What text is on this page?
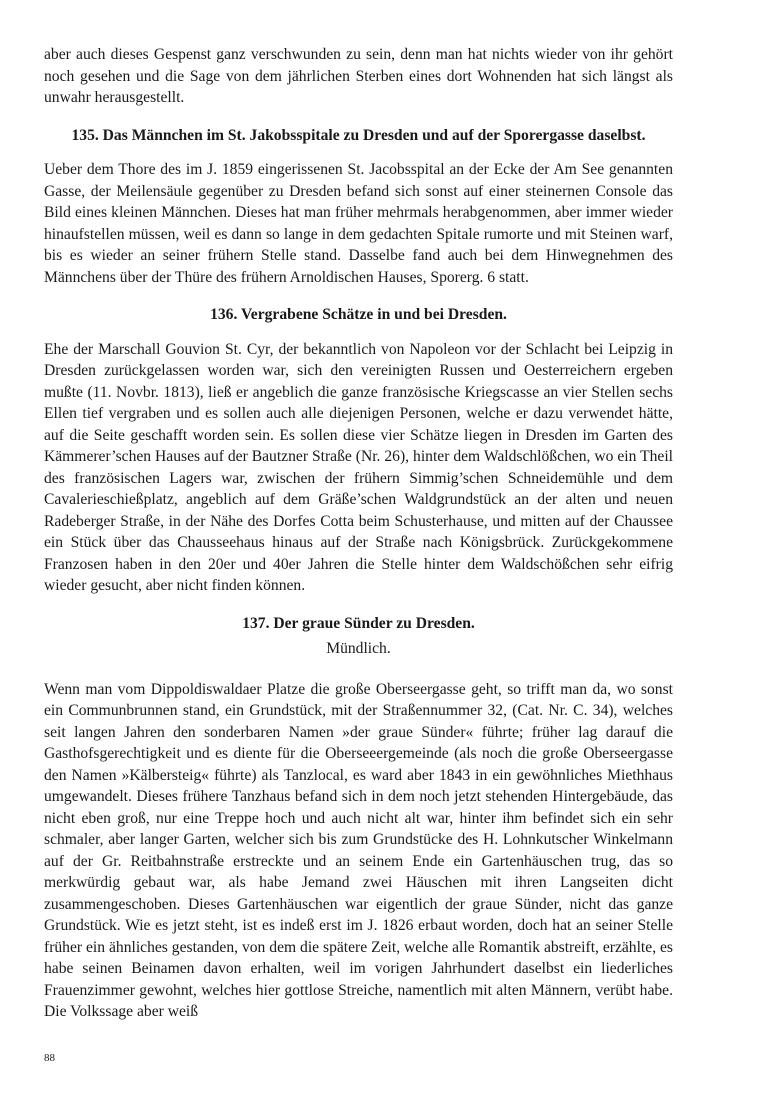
aber auch dieses Gespenst ganz verschwunden zu sein, denn man hat nichts wieder von ihr gehört noch gesehen und die Sage von dem jährlichen Sterben eines dort Wohnenden hat sich längst als unwahr herausgestellt.

135. Das Männchen im St. Jakobsspitale zu Dresden und auf der Sporergasse daselbst.

Ueber dem Thore des im J. 1859 eingerissenen St. Jacobsspital an der Ecke der Am See genannten Gasse, der Meilensäule gegenüber zu Dresden befand sich sonst auf einer steinernen Console das Bild eines kleinen Männchen. Dieses hat man früher mehrmals herabgenommen, aber immer wieder hinaufstellen müssen, weil es dann so lange in dem gedachten Spitale rumorte und mit Steinen warf, bis es wieder an seiner frühern Stelle stand. Dasselbe fand auch bei dem Hinwegnehmen des Männchens über der Thüre des frühern Arnoldischen Hauses, Sporerg. 6 statt.

136. Vergrabene Schätze in und bei Dresden.

Ehe der Marschall Gouvion St. Cyr, der bekanntlich von Napoleon vor der Schlacht bei Leipzig in Dresden zurückgelassen worden war, sich den vereinigten Russen und Oesterreichern ergeben mußte (11. Novbr. 1813), ließ er angeblich die ganze französische Kriegscasse an vier Stellen sechs Ellen tief vergraben und es sollen auch alle diejenigen Personen, welche er dazu verwendet hätte, auf die Seite geschafft worden sein. Es sollen diese vier Schätze liegen in Dresden im Garten des Kämmerer’schen Hauses auf der Bautzner Straße (Nr. 26), hinter dem Waldschlößchen, wo ein Theil des französischen Lagers war, zwischen der frühern Simmig’schen Schneidemühle und dem Cavalerieschießplatz, angeblich auf dem Gräße’schen Waldgrundstück an der alten und neuen Radeberger Straße, in der Nähe des Dorfes Cotta beim Schusterhause, und mitten auf der Chaussee ein Stück über das Chausseehaus hinaus auf der Straße nach Königsbrück. Zurückgekommene Franzosen haben in den 20er und 40er Jahren die Stelle hinter dem Waldschößchen sehr eifrig wieder gesucht, aber nicht finden können.

137. Der graue Sünder zu Dresden.

Mündlich.

Wenn man vom Dippoldiswaldaer Platze die große Oberseergasse geht, so trifft man da, wo sonst ein Communbrunnen stand, ein Grundstück, mit der Straßennummer 32, (Cat. Nr. C. 34), welches seit langen Jahren den sonderbaren Namen »der graue Sünder« führte; früher lag darauf die Gasthofsgerechtigkeit und es diente für die Oberseeergemeinde (als noch die große Oberseergasse den Namen »Kälbersteig« führte) als Tanzlocal, es ward aber 1843 in ein gewöhnliches Miethhaus umgewandelt. Dieses frühere Tanzhaus befand sich in dem noch jetzt stehenden Hintergebäude, das nicht eben groß, nur eine Treppe hoch und auch nicht alt war, hinter ihm befindet sich ein sehr schmaler, aber langer Garten, welcher sich bis zum Grundstücke des H. Lohnkutscher Winkelmann auf der Gr. Reitbahnstraße erstreckte und an seinem Ende ein Gartenhäuschen trug, das so merkwürdig gebaut war, als habe Jemand zwei Häuschen mit ihren Langseiten dicht zusammengeschoben. Dieses Gartenhäuschen war eigentlich der graue Sünder, nicht das ganze Grundstück. Wie es jetzt steht, ist es indeß erst im J. 1826 erbaut worden, doch hat an seiner Stelle früher ein ähnliches gestanden, von dem die spätere Zeit, welche alle Romantik abstreift, erzählte, es habe seinen Beinamen davon erhalten, weil im vorigen Jahrhundert daselbst ein liederliches Frauenzimmer gewohnt, welches hier gottlose Streiche, namentlich mit alten Männern, verübt habe. Die Volkssage aber weiß

88
